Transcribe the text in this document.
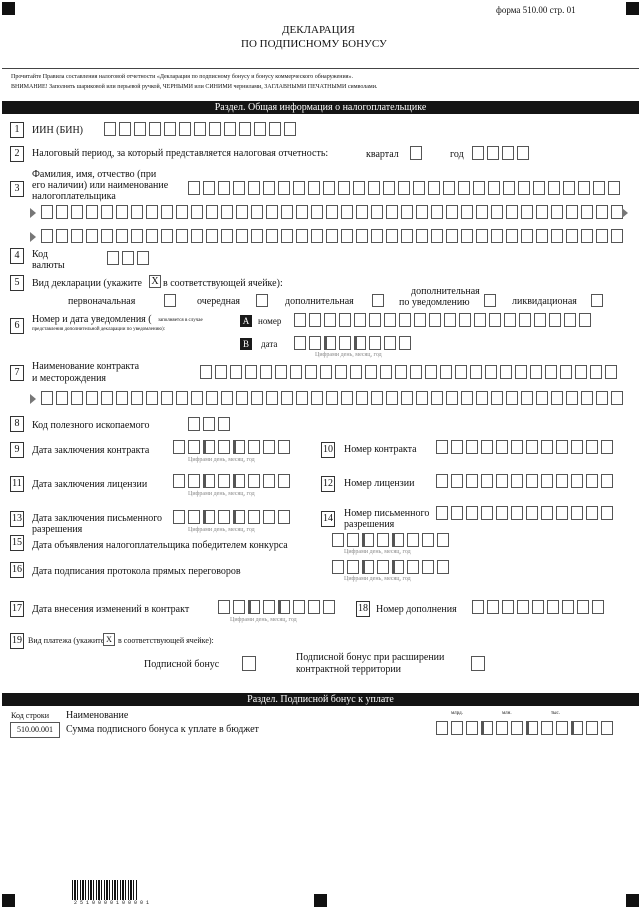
форма 510.00 стр. 01
ДЕКЛАРАЦИЯ
ПО ПОДПИСНОМУ БОНУСУ
Прочитайте Правила составления налоговой отчетности «Декларация по подписному бонусу и бонусу коммерческого обнаружения».
ВНИМАНИЕ! Заполнять шариковой или перьевой ручкой, ЧЕРНЫМИ или СИНИМИ чернилами, ЗАГЛАВНЫМИ ПЕЧАТНЫМИ символами.
Раздел. Общая информация о налогоплательщике
1	ИИН (БИН)
2	Налоговый период, за который представляется налоговая отчетность:	квартал	год
3
Фамилия, имя, отчество (при
его наличии) или наименование
налогоплательщика
4	Код
валюты
5	Вид декларации (укажите X в соответствующей ячейке):
первоначальная	очередная	дополнительная
дополнительная
по уведомлению	ликвидационая
6
Номер и дата уведомления ( заполняется в случае
представления дополнительной декларации по уведомлению):
A номер
B	дата
Цифрами день, месяц, год
7
Наименование контракта
и месторождения
8	Код полезного ископаемого
9	Дата заключения контракта
Цифрами день, месяц, год
10 Номер контракта
11 Дата заключения лицензии
Цифрами день, месяц, год
12 Номер лицензии
13 Дата заключения письменного
разрешения	Цифрами день, месяц, год
14 Номер письменного
разрешения
15 Дата объявления налогоплательщика победителем конкурса
Цифрами день, месяц, год
16 Дата подписания протокола прямых переговоров
Цифрами день, месяц, год
17 Дата внесения изменений в контракт
Цифрами день, месяц, год
18 Номер дополнения
19 Вид платежа (укажите X в соответствующей ячейке):
Подписной бонус
Подписной бонус при расширении
контрактной территории
Раздел. Подписной бонус к уплате
Код строки Наименование	млрд.	млн.	тыс.
510.00.001	Сумма подписного бонуса к уплате в бюджет
2 5 1 0 0 0 0 1 0 0 0 0 1
